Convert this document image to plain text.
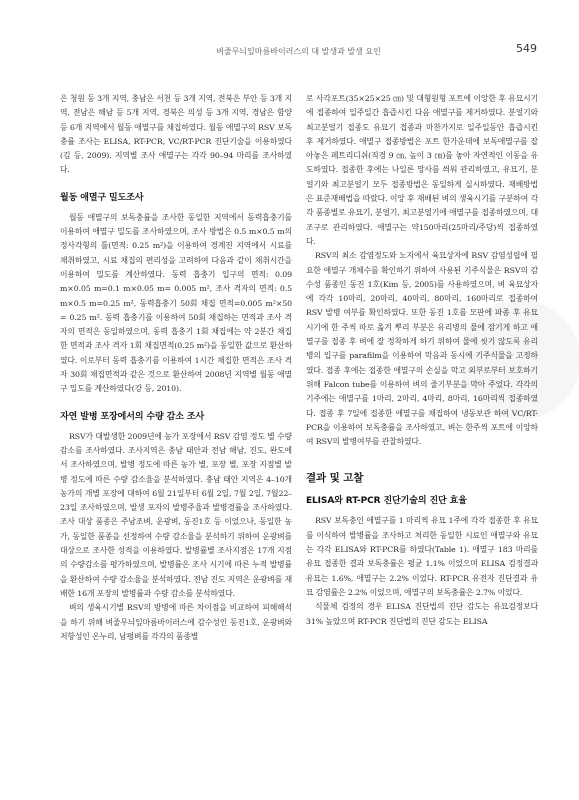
벼줄무늬잎마름바이러스의 대 발생과 발생 요인	549

은 청원 등 3개 지역, 충남은 서천 등 3개 지역, 전북은 부안 등 3개 지역, 전남은 해남 등 5개 지역, 경북은 의성 등 3개 지역, 경남은 함양 등 6개 지역에서 월동 애멸구를 채집하였다. 월동 애멸구의 RSV 보독충률 조사는 ELISA, RT-PCR, VC/RT-PCR 진단기술을 이용하였다(김 등, 2009). 지역별 조사 애멸구는 각각 90–94 마리를 조사하였다.

월동 애멸구 밀도조사

월동 애멸구의 보독충률을 조사한 동일한 지역에서 동력흡충기를 이용하여 애멸구 밀도를 조사하였으며, 조사 방법은 0.5 m×0.5 m의 정사각형의 틀(면적: 0.25 m²)을 이용하여 경계진 지역에서 시료를 채취하였고, 시료 채집의 편리성을 고려하여 다음과 같이 채취시간을 이용하여 밀도를 계산하였다. 동력 흡충기 입구의 면적: 0.09 m×0.05 m=0.1 m×0.05 m= 0.005 m², 조사 격자의 면적: 0.5 m×0.5 m=0.25 m², 동력흡충기 50회 채집 면적=0.005 m²×50 = 0.25 m². 동력 흡충기를 이용하여 50회 채집하는 면적과 조사 격자의 면적은 동일하였으며, 동력 흡충기 1회 채집에는 약 2분간 채집한 면적과 조사 격자 1회 채집면적(0.25 m²)을 동일한 값으로 환산하였다. 이로부터 동력 흡충기를 이용하여 1시간 채집한 면적은 조사 격자 30회 채집면적과 같은 것으로 환산하여 2008년 지역별 월동 애멸구 밀도를 계산하였다(강 등, 2010).

자연 발병 포장에서의 수량 감소 조사

RSV가 대발생한 2009년에 농가 포장에서 RSV 감염 정도 별 수량 감소를 조사하였다. 조사지역은 충남 태안과 전남 해남, 진도, 완도에서 조사하였으며, 발병 정도에 따른 농가 별, 포장 별, 포장 지점별 발병 정도에 따른 수량 감소율을 분석하였다. 충남 태안 지역은 4–10개 농가의 개별 포장에 대하여 6월 21일부터 6월 2일, 7월 2일, 7월22–23일 조사하였으며, 발생 포자의 발병주율과 발병경률을 조사하였다. 조사 대상 품종은 주남조벼, 운광벼, 동진1호 등 이었으나, 동일한 농가, 동일한 품종을 선정하여 수량 감소율을 분석하기 위하여 운광벼를 대상으로 조사한 성적을 이용하였다. 발병률별 조사지점은 17개 지점의 수량감소를 평가하였으며, 발병률은 조사 시기에 따른 누적 발병률을 환산하여 수량 감소율을 분석하였다. 전남 진도 지역은 운광벼를 재배한 16개 포장의 발병률과 수량 감소를 분석하였다.

벼의 생육시기별 RSV의 방병에 따른 차이점을 비교하여 피해해석을 하기 위해 벼줄무늬잎마름바이러스에 감수성인 동진1호, 운광벼와 저항성인 온누리, 남평벼를 각각의 품종별

로 사각포트(35×25×25 ㎝) 및 대형원형 포트에 이앙한 후 유묘시기에 접종하여 일주일간 흡즙시킨 다음 애멸구를 제거하였다. 분얼기와 최고분얼기 접종도 유묘기 접종과 마찬가지로 일주일동안 흡즙시킨 후 제거하였다. 애멸구 접종방법은 포트 한가운데에 보독애멸구를 잡아놓은 페트리디쉬(직경 9 ㎝, 높이 3 ㎝)를 놓아 자연적인 이동을 유도하였다. 접종한 후에는 나일론 망사를 씌워 관리하였고, 유묘기, 분얼기와 최고분얼기 모두 접종방법은 동일하게 실시하였다. 재배방법은 표준재배법을 따랐다. 이앙 후 재배된 벼의 생육시기를 구분하여 각각 품종별로 유묘기, 분얼기, 최고분얼기에 애멸구를 접종하였으며, 대조구로 관리하였다. 애멸구는 약150마리(25마리/주당)씩 접종하였다.

RSV의 최소 감염정도와 노지에서 육묘상자에 RSV 감염성립에 필요한 애멸구 개체수를 확인하기 위하여 사용된 기주식물은 RSV의 감수성 품종인 동진 1호(Kim 등, 2005)를 사용하였으며, 벼 육묘상자에 각각 10마리, 20마리, 40마리, 80마리, 160마리로 접종하여 RSV 발병 여부를 확인하였다. 또한 동진 1호를 모판에 파종 후 유묘시기에 한 주씩 따로 옮겨 뿌리 부분은 유리병의 물에 잠기게 하고 애멸구를 접종 후 벼에 잘 정착하게 하기 위하여 물에 씻기 않도록 유리병의 입구를 parafilm을 이용하여 막음과 동시에 기주식물을 고정하였다. 접종 후에는 접종한 애멸구의 손실을 막고 외부로부터 보호하기 위해 Falcon tube를 이용하여 벼의 줄기부분을 막아 주었다. 각각의 기주에는 애멸구를 1마리, 2마리, 4마리, 8마리, 16마리씩 접종하였다. 접종 후 7일에 접종한 애멸구를 채집하여 냉동보관 하여 VC/RT-PCR을 이용하여 보독충률을 조사하였고, 벼는 한주씩 포트에 이앙하여 RSV의 발병여부를 관찰하였다.

결과 및 고찰
ELISA와 RT-PCR 진단기술의 진단 효율

RSV 보독충인 애멸구를 1 마리씩 유묘 1주에 각각 접종한 후 유묘를 이식하여 발병률을 조사하고 처리한 동일한 시료인 애멸구와 유묘는 각각 ELISA와 RT-PCR를 하였다(Table 1). 애멸구 183 마리를 유묘 접종한 결과 보독충률은 평균 1.1% 이었으며 ELISA 검정결과 유묘는 1.6%, 애멸구는 2.2% 이었다. RT-PCR 유전자 진단결과 유묘 감염률은 2.2% 이었으며, 애멸구의 보독충률은 2.7% 이었다.

식물체 검정의 경우 ELISA 진단법의 진단 감도는 유묘검정보다 31% 높았으며 RT-PCR 진단법의 진단 감도는 ELISA
